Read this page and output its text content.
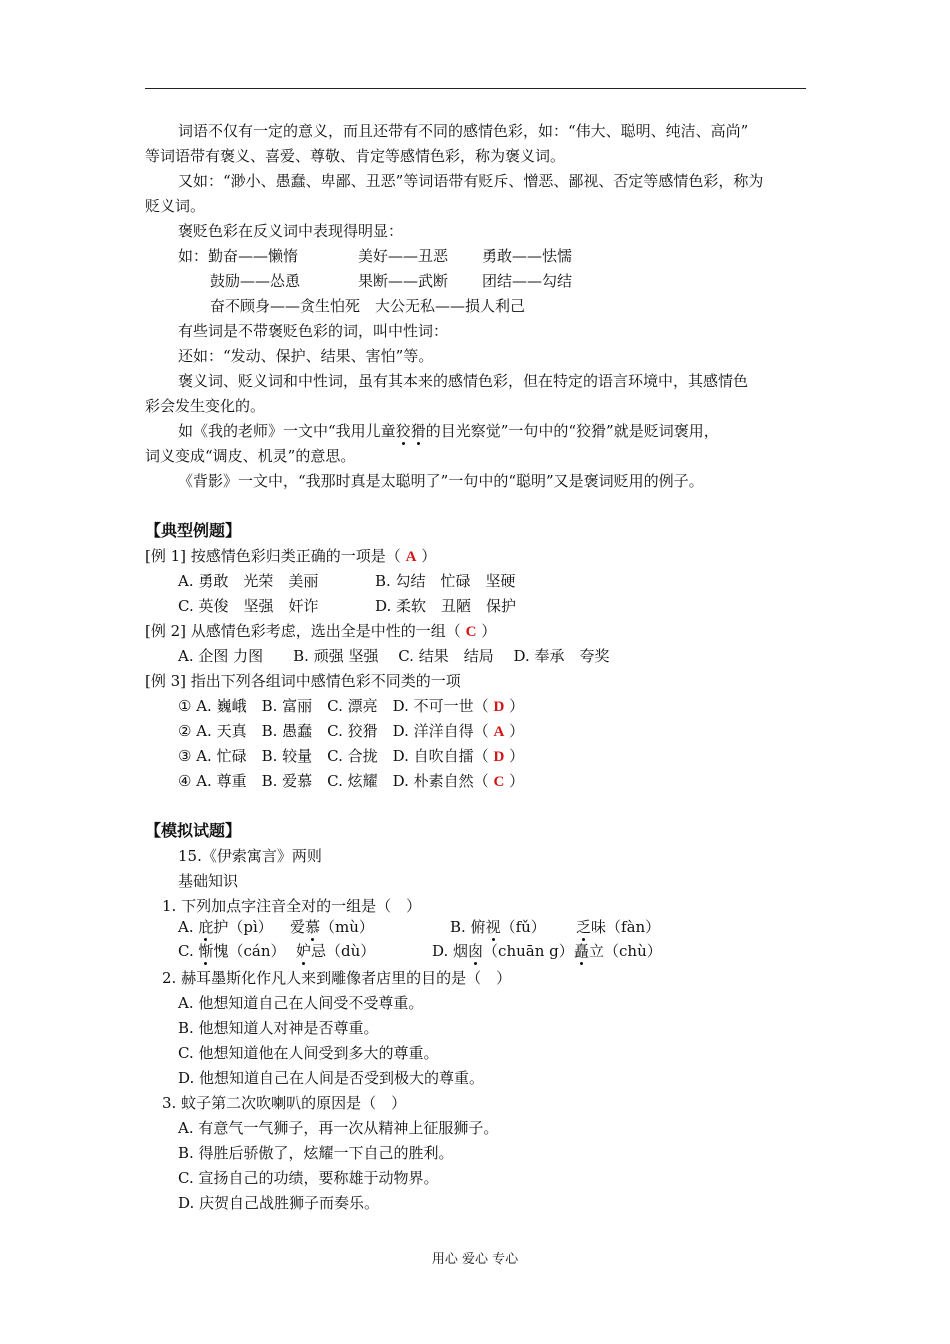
词语不仅有一定的意义，而且还带有不同的感情色彩，如：“伟大、聪明、纯洁、高尚”
等词语带有褒义、喜爱、尊敬、肯定等感情色彩，称为褒义词。
又如：“渺小、愚蠢、卑鄙、丑恶”等词语带有贬斥、憎恶、鄙视、否定等感情色彩，称为
贬义词。
褒贬色彩在反义词中表现得明显：
如：勤奋——懒惰	美好——丑恶 勇敢——怯懦
鼓励——怂恿	果断——武断 团结——勾结
奋不顾身——贪生怕死　大公无私——损人利己
有些词是不带褒贬色彩的词，叫中性词：
还如：“发动、保护、结果、害怕”等。
褒义词、贬义词和中性词，虽有其本来的感情色彩，但在特定的语言环境中，其感情色
彩会发生变化的。
如《我的老师》一文中“我用儿童狡猾的目光察觉”一句中的“狡猾”就是贬词褒用，
词义变成“调皮、机灵”的意思。
《背影》一文中，“我那时真是太聪明了”一句中的“聪明”又是褒词贬用的例子。
【典型例题】
[例 1] 按感情色彩归类正确的一项是（ A ）
A. 勇敢　光荣　美丽	B. 勾结　忙碌　坚硬
C. 英俊　坚强　奸诈	D. 柔软　丑陋　保护
[例 2] 从感情色彩考虑，选出全是中性的一组（ C ）
A. 企图 力图　　B. 顽强 坚强　 C. 结果　结局　 D. 奉承　夸奖
[例 3] 指出下列各组词中感情色彩不同类的一项
① A. 巍峨　B. 富丽　C. 漂亮　D. 不可一世（ D ）
② A. 天真　B. 愚蠢　C. 狡猾　D. 洋洋自得（ A ）
③ A. 忙碌　B. 较量　C. 合拢　D. 自吹自擂（ D ）
④ A. 尊重　B. 爱慕　C. 炫耀　D. 朴素自然（ C ）
【模拟试题】
15.《伊索寓言》两则
基础知识
1. 下列加点字注音全对的一组是（　）
A. 庇护（pì） 爱慕（mù）	B. 俯视（fǔ） 乏味（fàn）
C. 惭愧（cán） 妒忌（dù）	D. 烟囱（chuān g）矗立（chù）
2. 赫耳墨斯化作凡人来到雕像者店里的目的是（　）
A. 他想知道自己在人间受不受尊重。
B. 他想知道人对神是否尊重。
C. 他想知道他在人间受到多大的尊重。
D. 他想知道自己在人间是否受到极大的尊重。
3. 蚊子第二次吹喇叭的原因是（　）
A. 有意气一气狮子，再一次从精神上征服狮子。
B. 得胜后骄傲了，炫耀一下自己的胜利。
C. 宣扬自己的功绩，要称雄于动物界。
D. 庆贺自己战胜狮子而奏乐。
用心 爱心 专心
